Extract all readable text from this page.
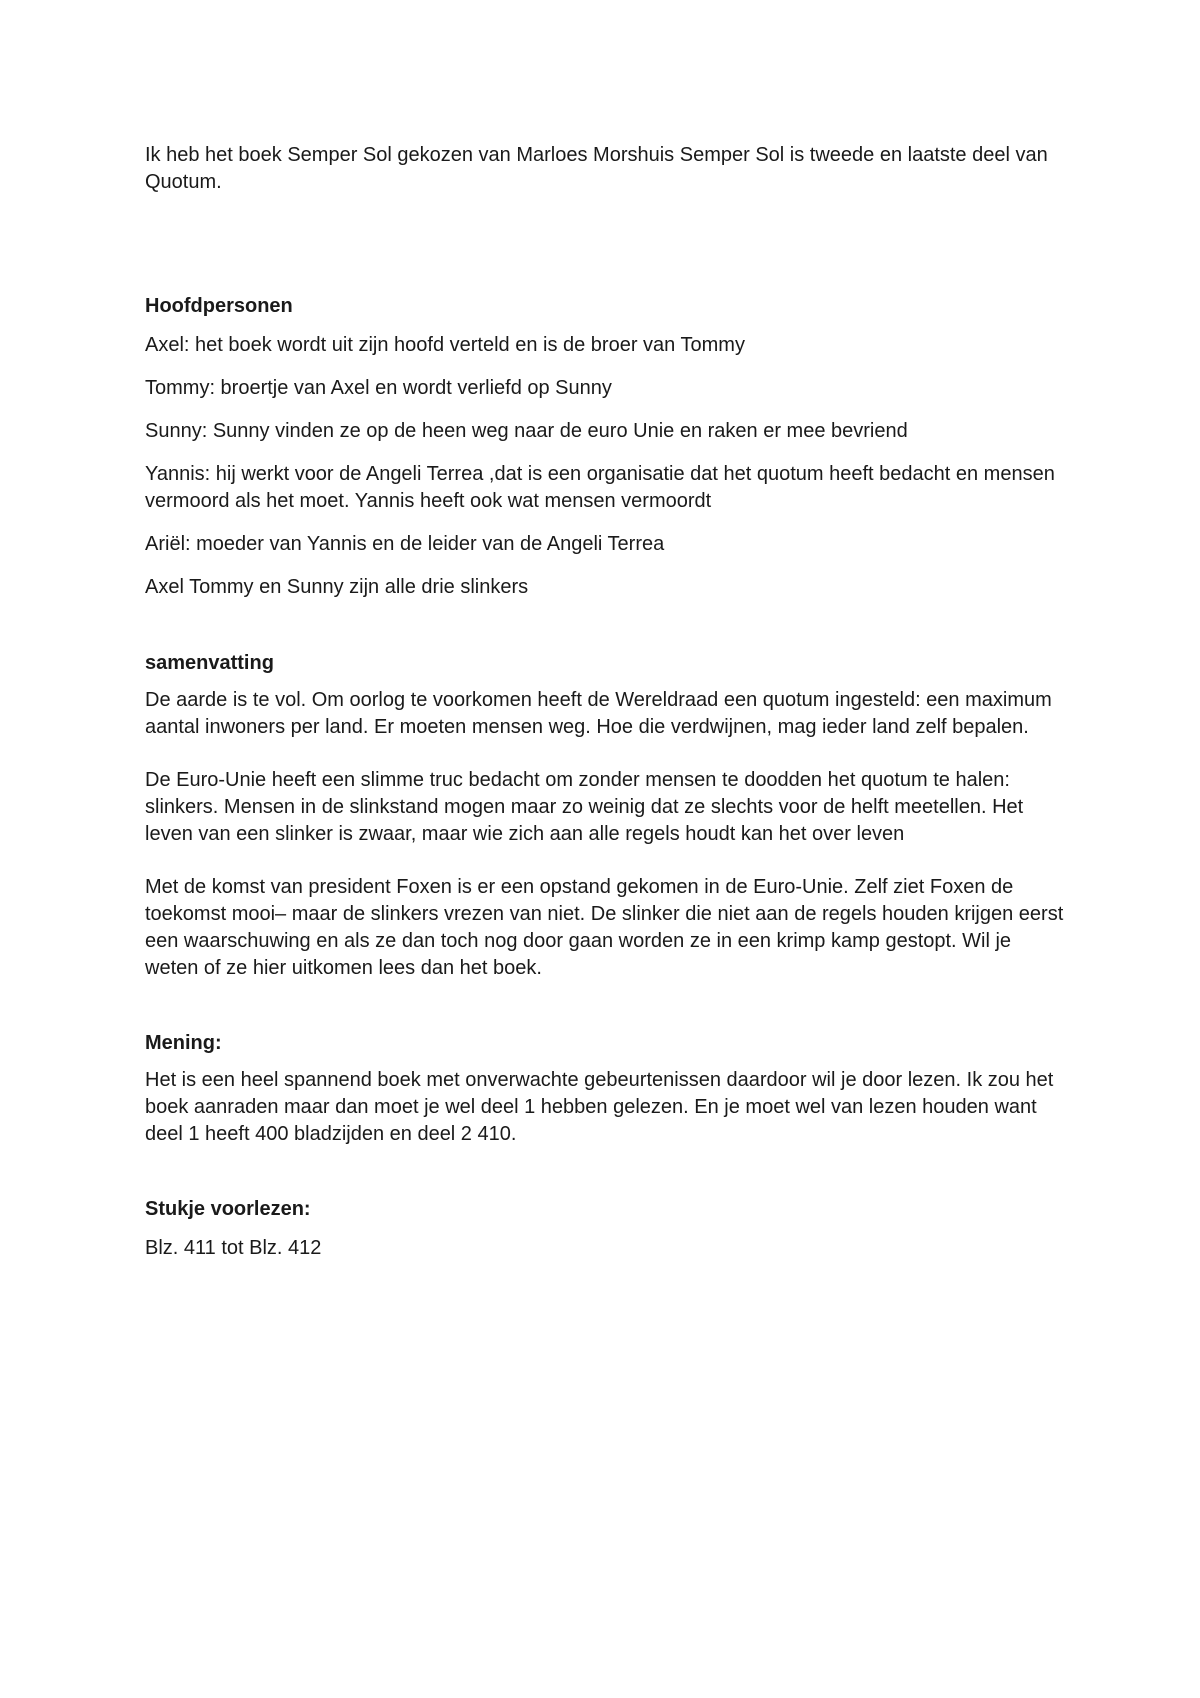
Ik heb het boek Semper Sol gekozen van Marloes Morshuis Semper Sol is tweede en laatste deel van Quotum.

Hoofdpersonen

Axel: het boek wordt uit zijn hoofd verteld en is de broer van Tommy

Tommy: broertje van Axel en wordt verliefd op Sunny

Sunny: Sunny vinden ze op de heen weg naar de euro Unie en raken er mee bevriend

Yannis: hij werkt voor de Angeli Terrea ,dat is een organisatie dat het quotum heeft bedacht en mensen vermoord als het moet. Yannis heeft ook wat mensen vermoordt

Ariël: moeder van Yannis en de leider van de Angeli Terrea

Axel Tommy en Sunny zijn alle drie slinkers

samenvatting

De aarde is te vol. Om oorlog te voorkomen heeft de Wereldraad een quotum ingesteld: een maximum aantal inwoners per land. Er moeten mensen weg. Hoe die verdwijnen, mag ieder land zelf bepalen.

De Euro-Unie heeft een slimme truc bedacht om zonder mensen te doodden het quotum te halen: slinkers. Mensen in de slinkstand mogen maar zo weinig dat ze slechts voor de helft meetellen. Het leven van een slinker is zwaar, maar wie zich aan alle regels houdt kan het over leven

Met de komst van president Foxen is er een opstand gekomen in de Euro-Unie. Zelf ziet Foxen de toekomst mooi– maar de slinkers vrezen van niet. De slinker die niet aan de regels houden krijgen eerst een waarschuwing en als ze dan toch nog door gaan worden ze in een krimp kamp gestopt. Wil je weten of ze hier uitkomen lees dan het boek.

Mening:

Het is een heel spannend boek met onverwachte gebeurtenissen daardoor wil je door lezen. Ik zou het boek aanraden maar dan moet je wel deel 1 hebben gelezen. En je moet wel van lezen houden want deel 1 heeft 400 bladzijden en deel 2 410.

Stukje voorlezen:

Blz. 411 tot Blz. 412
